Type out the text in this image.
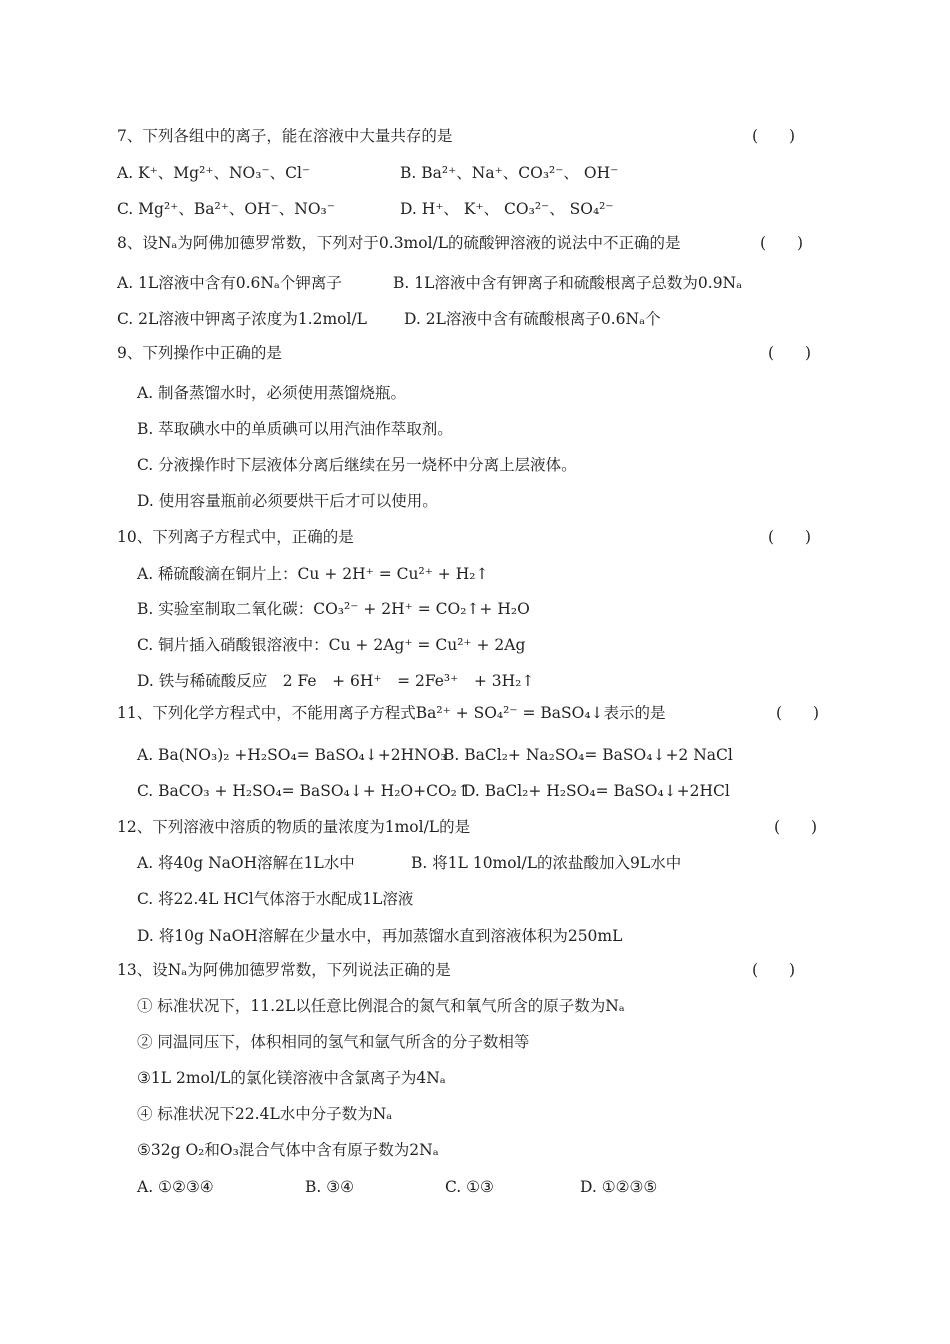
7、下列各组中的离子，能在溶液中大量共存的是	(　　)
A. K⁺、Mg²⁺、NO₃⁻、Cl⁻	B. Ba²⁺、Na⁺、CO₃²⁻、 OH⁻
C. Mg²⁺、Ba²⁺、OH⁻、NO₃⁻	D. H⁺、 K⁺、 CO₃²⁻、 SO₄²⁻
8、设Nₐ为阿佛加德罗常数，下列对于0.3mol/L的硫酸钾溶液的说法中不正确的是	(　　)
A. 1L溶液中含有0.6Nₐ个钾离子	B. 1L溶液中含有钾离子和硫酸根离子总数为0.9Nₐ
C. 2L溶液中钾离子浓度为1.2mol/L D. 2L溶液中含有硫酸根离子0.6Nₐ个
9、下列操作中正确的是	(　　)
A. 制备蒸馏水时，必须使用蒸馏烧瓶。
B. 萃取碘水中的单质碘可以用汽油作萃取剂。
C. 分液操作时下层液体分离后继续在另一烧杯中分离上层液体。
D. 使用容量瓶前必须要烘干后才可以使用。
10、下列离子方程式中，正确的是	(　　)
A. 稀硫酸滴在铜片上：Cu + 2H⁺ = Cu²⁺ + H₂↑
B. 实验室制取二氧化碳：CO₃²⁻ + 2H⁺ = CO₂↑+ H₂O
C. 铜片插入硝酸银溶液中：Cu + 2Ag⁺ = Cu²⁺ + 2Ag
D. 铁与稀硫酸反应　2 Fe　+ 6H⁺　= 2Fe³⁺　+ 3H₂↑
11、下列化学方程式中，不能用离子方程式Ba²⁺ + SO₄²⁻ = BaSO₄↓表示的是	(　　)
A. Ba(NO₃)₂ +H₂SO₄= BaSO₄↓+2HNO₃
B. BaCl₂+ Na₂SO₄= BaSO₄↓+2 NaCl
C. BaCO₃ + H₂SO₄= BaSO₄↓+ H₂O+CO₂↑
D. BaCl₂+ H₂SO₄= BaSO₄↓+2HCl
12、下列溶液中溶质的物质的量浓度为1mol/L的是	(　　)
A. 将40g NaOH溶解在1L水中	B. 将1L 10mol/L的浓盐酸加入9L水中
C. 将22.4L HCl气体溶于水配成1L溶液
D. 将10g NaOH溶解在少量水中，再加蒸馏水直到溶液体积为250mL
13、设Nₐ为阿佛加德罗常数，下列说法正确的是	(　　)
① 标准状况下，11.2L以任意比例混合的氮气和氧气所含的原子数为Nₐ
② 同温同压下，体积相同的氢气和氩气所含的分子数相等
③1L 2mol/L的氯化镁溶液中含氯离子为4Nₐ
④ 标准状况下22.4L水中分子数为Nₐ
⑤32g O₂和O₃混合气体中含有原子数为2Nₐ
A. ①②③④	B. ③④	C. ①③	D. ①②③⑤
